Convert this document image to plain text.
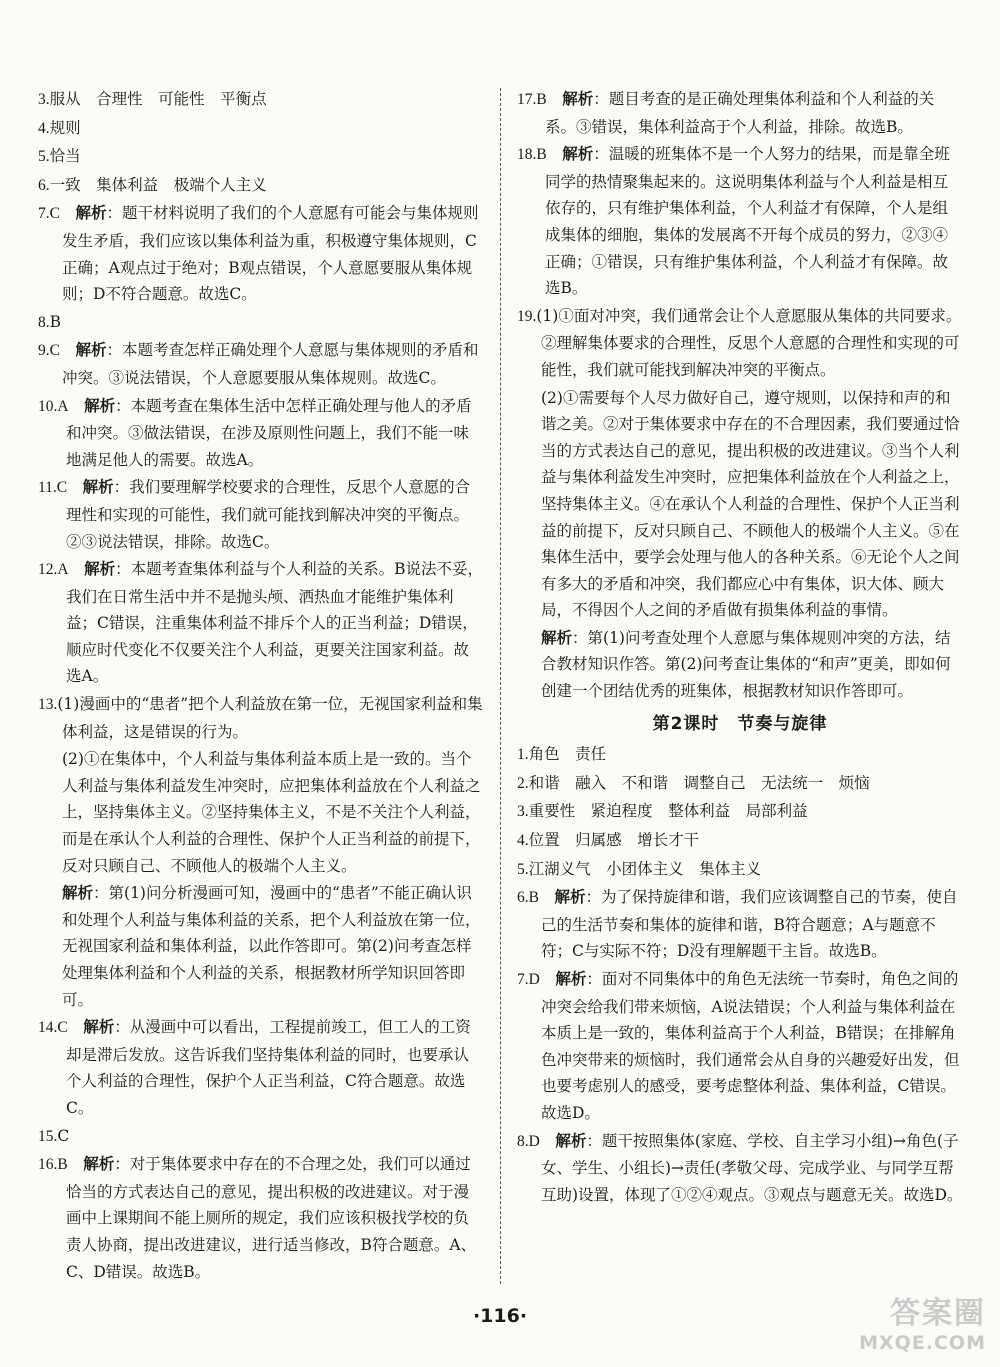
3.服从　合理性　可能性　平衡点
4.规则
5.恰当
6.一致　集体利益　极端个人主义
7.C　 解析：题干材料说明了我们的个人意愿有可能会与集体规则发生矛盾，我们应该以集体利益为重，积极遵守集体规则，C正确；A观点过于绝对；B观点错误，个人意愿要服从集体规则；D不符合题意。故选C。
8.B
9.C　 解析：本题考查怎样正确处理个人意愿与集体规则的矛盾和冲突。③说法错误，个人意愿要服从集体规则。故选C。
10.A　 解析：本题考查在集体生活中怎样正确处理与他人的矛盾和冲突。③做法错误，在涉及原则性问题上，我们不能一味地满足他人的需要。故选A。
11.C　 解析：我们要理解学校要求的合理性，反思个人意愿的合理性和实现的可能性，我们就可能找到解决冲突的平衡点。②③说法错误，排除。故选C。
12.A　 解析：本题考查集体利益与个人利益的关系。B说法不妥，我们在日常生活中并不是抛头颅、洒热血才能维护集体利益；C错误，注重集体利益不排斥个人的正当利益；D错误，顺应时代变化不仅要关注个人利益，更要关注国家利益。故选A。
13.(1)漫画中的“患者”把个人利益放在第一位，无视国家利益和集体利益，这是错误的行为。
(2)①在集体中，个人利益与集体利益本质上是一致的。当个人利益与集体利益发生冲突时，应把集体利益放在个人利益之上，坚持集体主义。②坚持集体主义，不是不关注个人利益，而是在承认个人利益的合理性、保护个人正当利益的前提下，反对只顾自己、不顾他人的极端个人主义。
解析：第(1)问分析漫画可知，漫画中的“患者”不能正确认识和处理个人利益与集体利益的关系，把个人利益放在第一位，无视国家利益和集体利益，以此作答即可。第(2)问考查怎样处理集体利益和个人利益的关系，根据教材所学知识回答即可。
14.C　 解析：从漫画中可以看出，工程提前竣工，但工人的工资却是滞后发放。这告诉我们坚持集体利益的同时，也要承认个人利益的合理性，保护个人正当利益，C符合题意。故选C。
15.C
16.B　 解析：对于集体要求中存在的不合理之处，我们可以通过恰当的方式表达自己的意见，提出积极的改进建议。对于漫画中上课期间不能上厕所的规定，我们应该积极找学校的负责人协商，提出改进建议，进行适当修改，B符合题意。A、C、D错误。故选B。
17.B　 解析：题目考查的是正确处理集体利益和个人利益的关系。③错误，集体利益高于个人利益，排除。故选B。
18.B　 解析：温暖的班集体不是一个人努力的结果，而是靠全班同学的热情聚集起来的。这说明集体利益与个人利益是相互依存的，只有维护集体利益，个人利益才有保障，个人是组成集体的细胞，集体的发展离不开每个成员的努力，②③④正确；①错误，只有维护集体利益，个人利益才有保障。故选B。
19.(1)①面对冲突，我们通常会让个人意愿服从集体的共同要求。②理解集体要求的合理性，反思个人意愿的合理性和实现的可能性，我们就可能找到解决冲突的平衡点。
(2)①需要每个人尽力做好自己，遵守规则，以保持和声的和谐之美。②对于集体要求中存在的不合理因素，我们要通过恰当的方式表达自己的意见，提出积极的改进建议。③当个人利益与集体利益发生冲突时，应把集体利益放在个人利益之上，坚持集体主义。④在承认个人利益的合理性、保护个人正当利益的前提下，反对只顾自己、不顾他人的极端个人主义。⑤在集体生活中，要学会处理与他人的各种关系。⑥无论个人之间有多大的矛盾和冲突，我们都应心中有集体，识大体、顾大局，不得因个人之间的矛盾做有损集体利益的事情。
解析：第(1)问考查处理个人意愿与集体规则冲突的方法，结合教材知识作答。第(2)问考查让集体的“和声”更美，即如何创建一个团结优秀的班集体，根据教材知识作答即可。
第2课时　节奏与旋律
1.角色　责任
2.和谐　融入　不和谐　调整自己　无法统一　烦恼
3.重要性　紧迫程度　整体利益　局部利益
4.位置　归属感　增长才干
5.江湖义气　小团体主义　集体主义
6.B　 解析：为了保持旋律和谐，我们应该调整自己的节奏，使自己的生活节奏和集体的旋律和谐，B符合题意；A与题意不符；C与实际不符；D没有理解题干主旨。故选B。
7.D　 解析：面对不同集体中的角色无法统一节奏时，角色之间的冲突会给我们带来烦恼，A说法错误；个人利益与集体利益在本质上是一致的，集体利益高于个人利益，B错误；在排解角色冲突带来的烦恼时，我们通常会从自身的兴趣爱好出发，但也要考虑别人的感受，要考虑整体利益、集体利益，C错误。故选D。
8.D　 解析：题干按照集体(家庭、学校、自主学习小组)→角色(子女、学生、小组长)→责任(孝敬父母、完成学业、与同学互帮互助)设置，体现了①②④观点。③观点与题意无关。故选D。
·116·	答案圈
MXQE.COM
